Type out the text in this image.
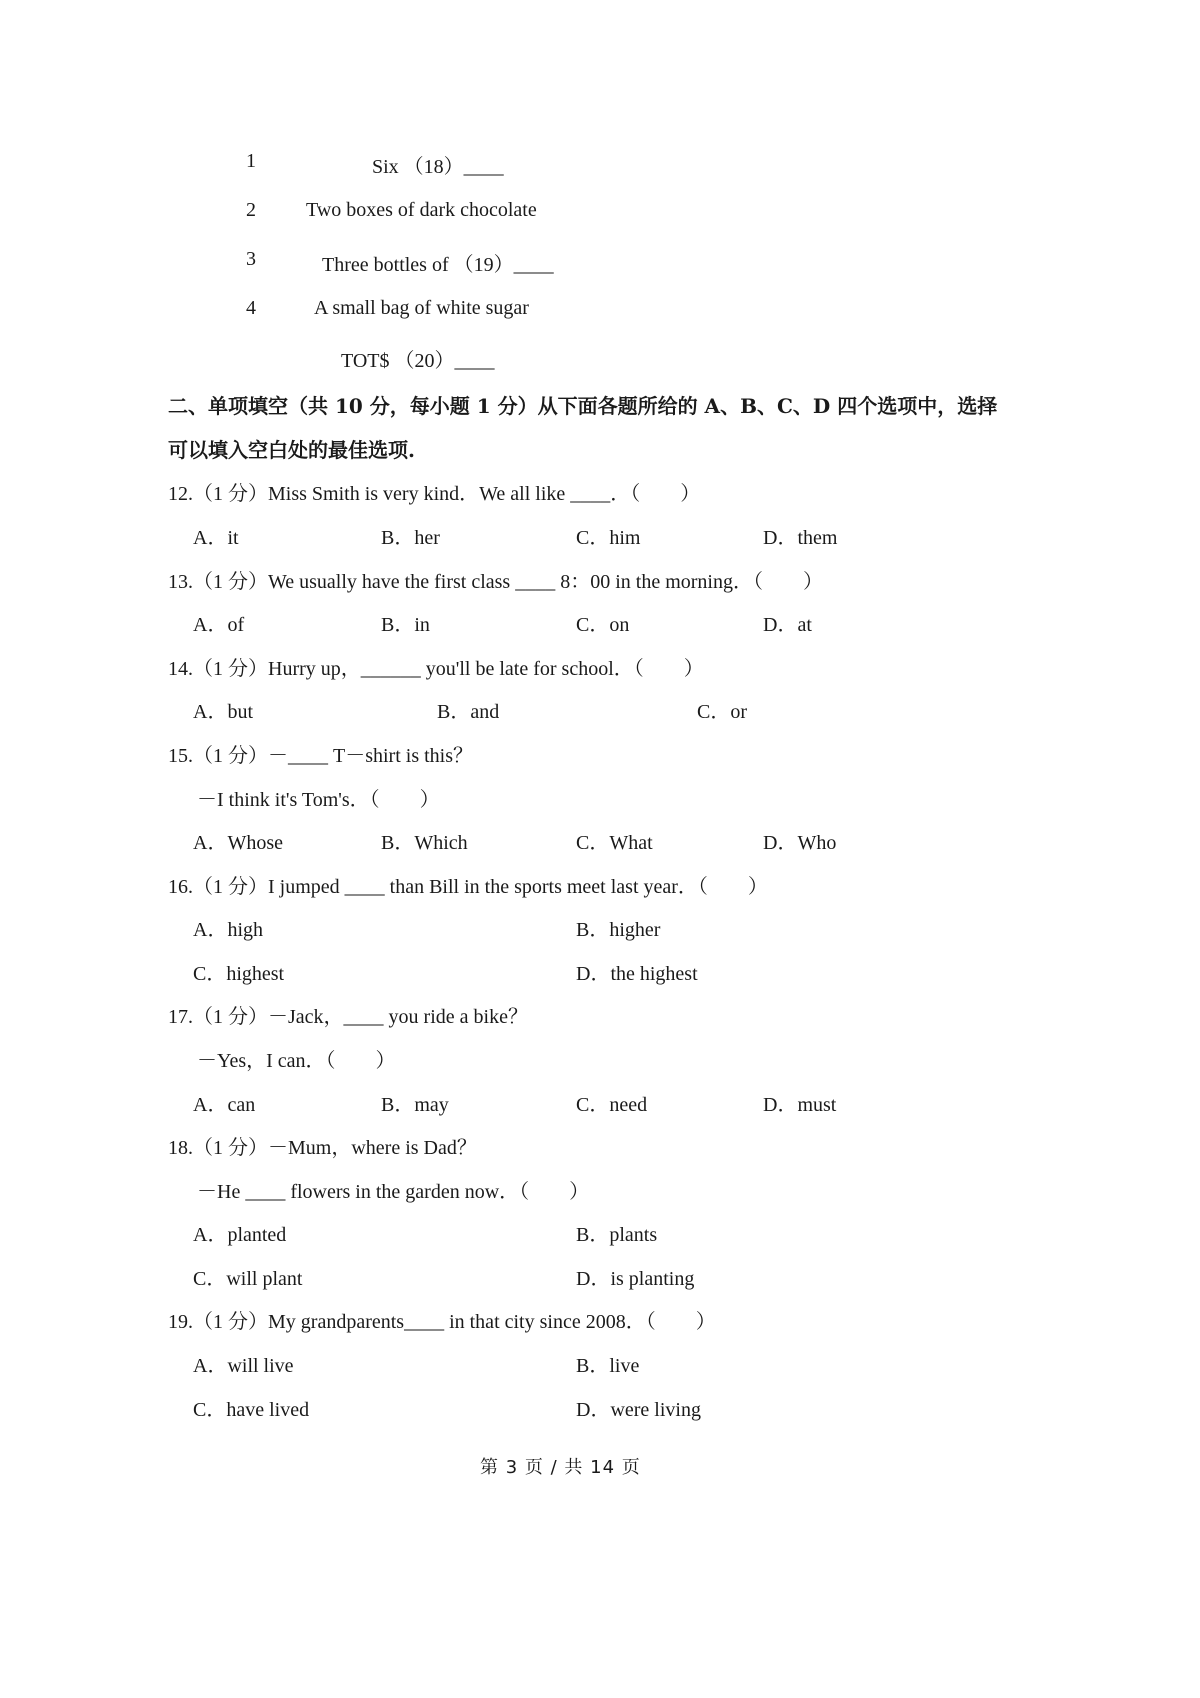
1	Six （18）____
2	Two boxes of dark chocolate
3	Three bottles of （19）____
4	A small bag of white sugar
TOT$ （20）____
二、单项填空（共 10 分，每小题 1 分）从下面各题所给的 A、B、C、D 四个选项中，选择
可以填入空白处的最佳选项.
12.（1 分）Miss Smith is very kind．We all like ____．（　　）
A．it	B．her	C．him	D．them
13.（1 分）We usually have the first class ____ 8：00 in the morning．（　　）
A．of	B．in	C．on	D．at
14.（1 分）Hurry up，______ you'll be late for school．（　　）
A．but	B．and	C．or
15.（1 分）－____ T－shirt is this？
－I think it's Tom's．（　　）
A．Whose	B．Which	C．What	D．Who
16.（1 分）I jumped ____ than Bill in the sports meet last year．（　　）
A．high	B．higher
C．highest	D．the highest
17.（1 分）－Jack，____ you ride a bike？
－Yes，I can．（　　）
A．can	B．may	C．need	D．must
18.（1 分）－Mum，where is Dad？
－He ____ flowers in the garden now．（　　）
A．planted	B．plants
C．will plant	D．is planting
19.（1 分）My grandparents____ in that city since 2008．（　　）
A．will live	B．live
C．have lived	D．were living
第 3 页 / 共 14 页
